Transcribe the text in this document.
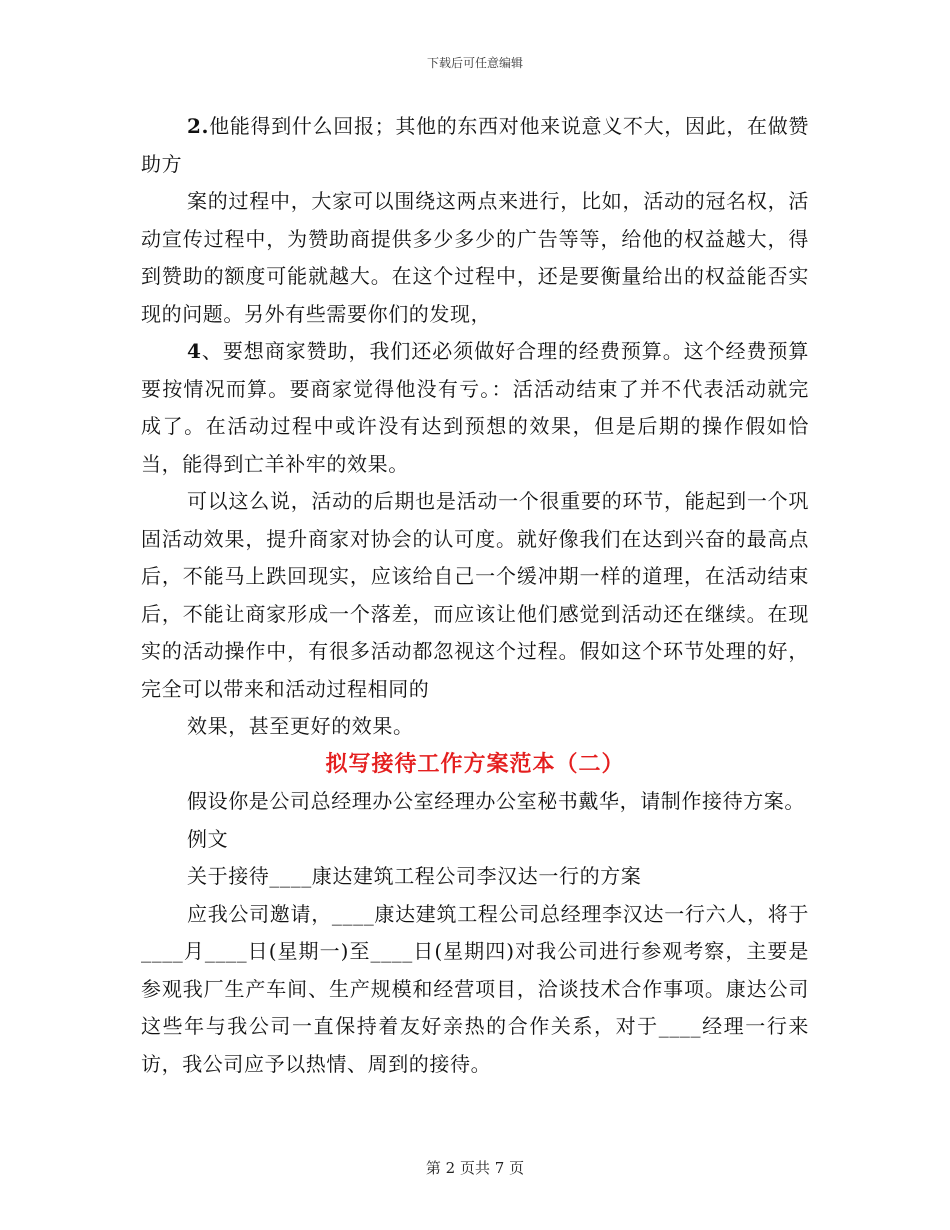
下载后可任意编辑

2.他能得到什么回报；其他的东西对他来说意义不大，因此，在做赞助方

案的过程中，大家可以围绕这两点来进行，比如，活动的冠名权，活动宣传过程中，为赞助商提供多少多少的广告等等，给他的权益越大，得到赞助的额度可能就越大。在这个过程中，还是要衡量给出的权益能否实现的问题。另外有些需要你们的发现，

4、要想商家赞助，我们还必须做好合理的经费预算。这个经费预算要按情况而算。要商家觉得他没有亏。：活活动结束了并不代表活动就完成了。在活动过程中或许没有达到预想的效果，但是后期的操作假如恰当，能得到亡羊补牢的效果。

可以这么说，活动的后期也是活动一个很重要的环节，能起到一个巩固活动效果，提升商家对协会的认可度。就好像我们在达到兴奋的最高点后，不能马上跌回现实，应该给自己一个缓冲期一样的道理，在活动结束后，不能让商家形成一个落差，而应该让他们感觉到活动还在继续。在现实的活动操作中，有很多活动都忽视这个过程。假如这个环节处理的好，完全可以带来和活动过程相同的

效果，甚至更好的效果。

拟写接待工作方案范本（二）

假设你是公司总经理办公室经理办公室秘书戴华，请制作接待方案。

例文

关于接待____康达建筑工程公司李汉达一行的方案

应我公司邀请，____康达建筑工程公司总经理李汉达一行六人，将于____月____日(星期一)至____日(星期四)对我公司进行参观考察，主要是参观我厂生产车间、生产规模和经营项目，洽谈技术合作事项。康达公司这些年与我公司一直保持着友好亲热的合作关系，对于____经理一行来访，我公司应予以热情、周到的接待。

第 2 页共 7 页
